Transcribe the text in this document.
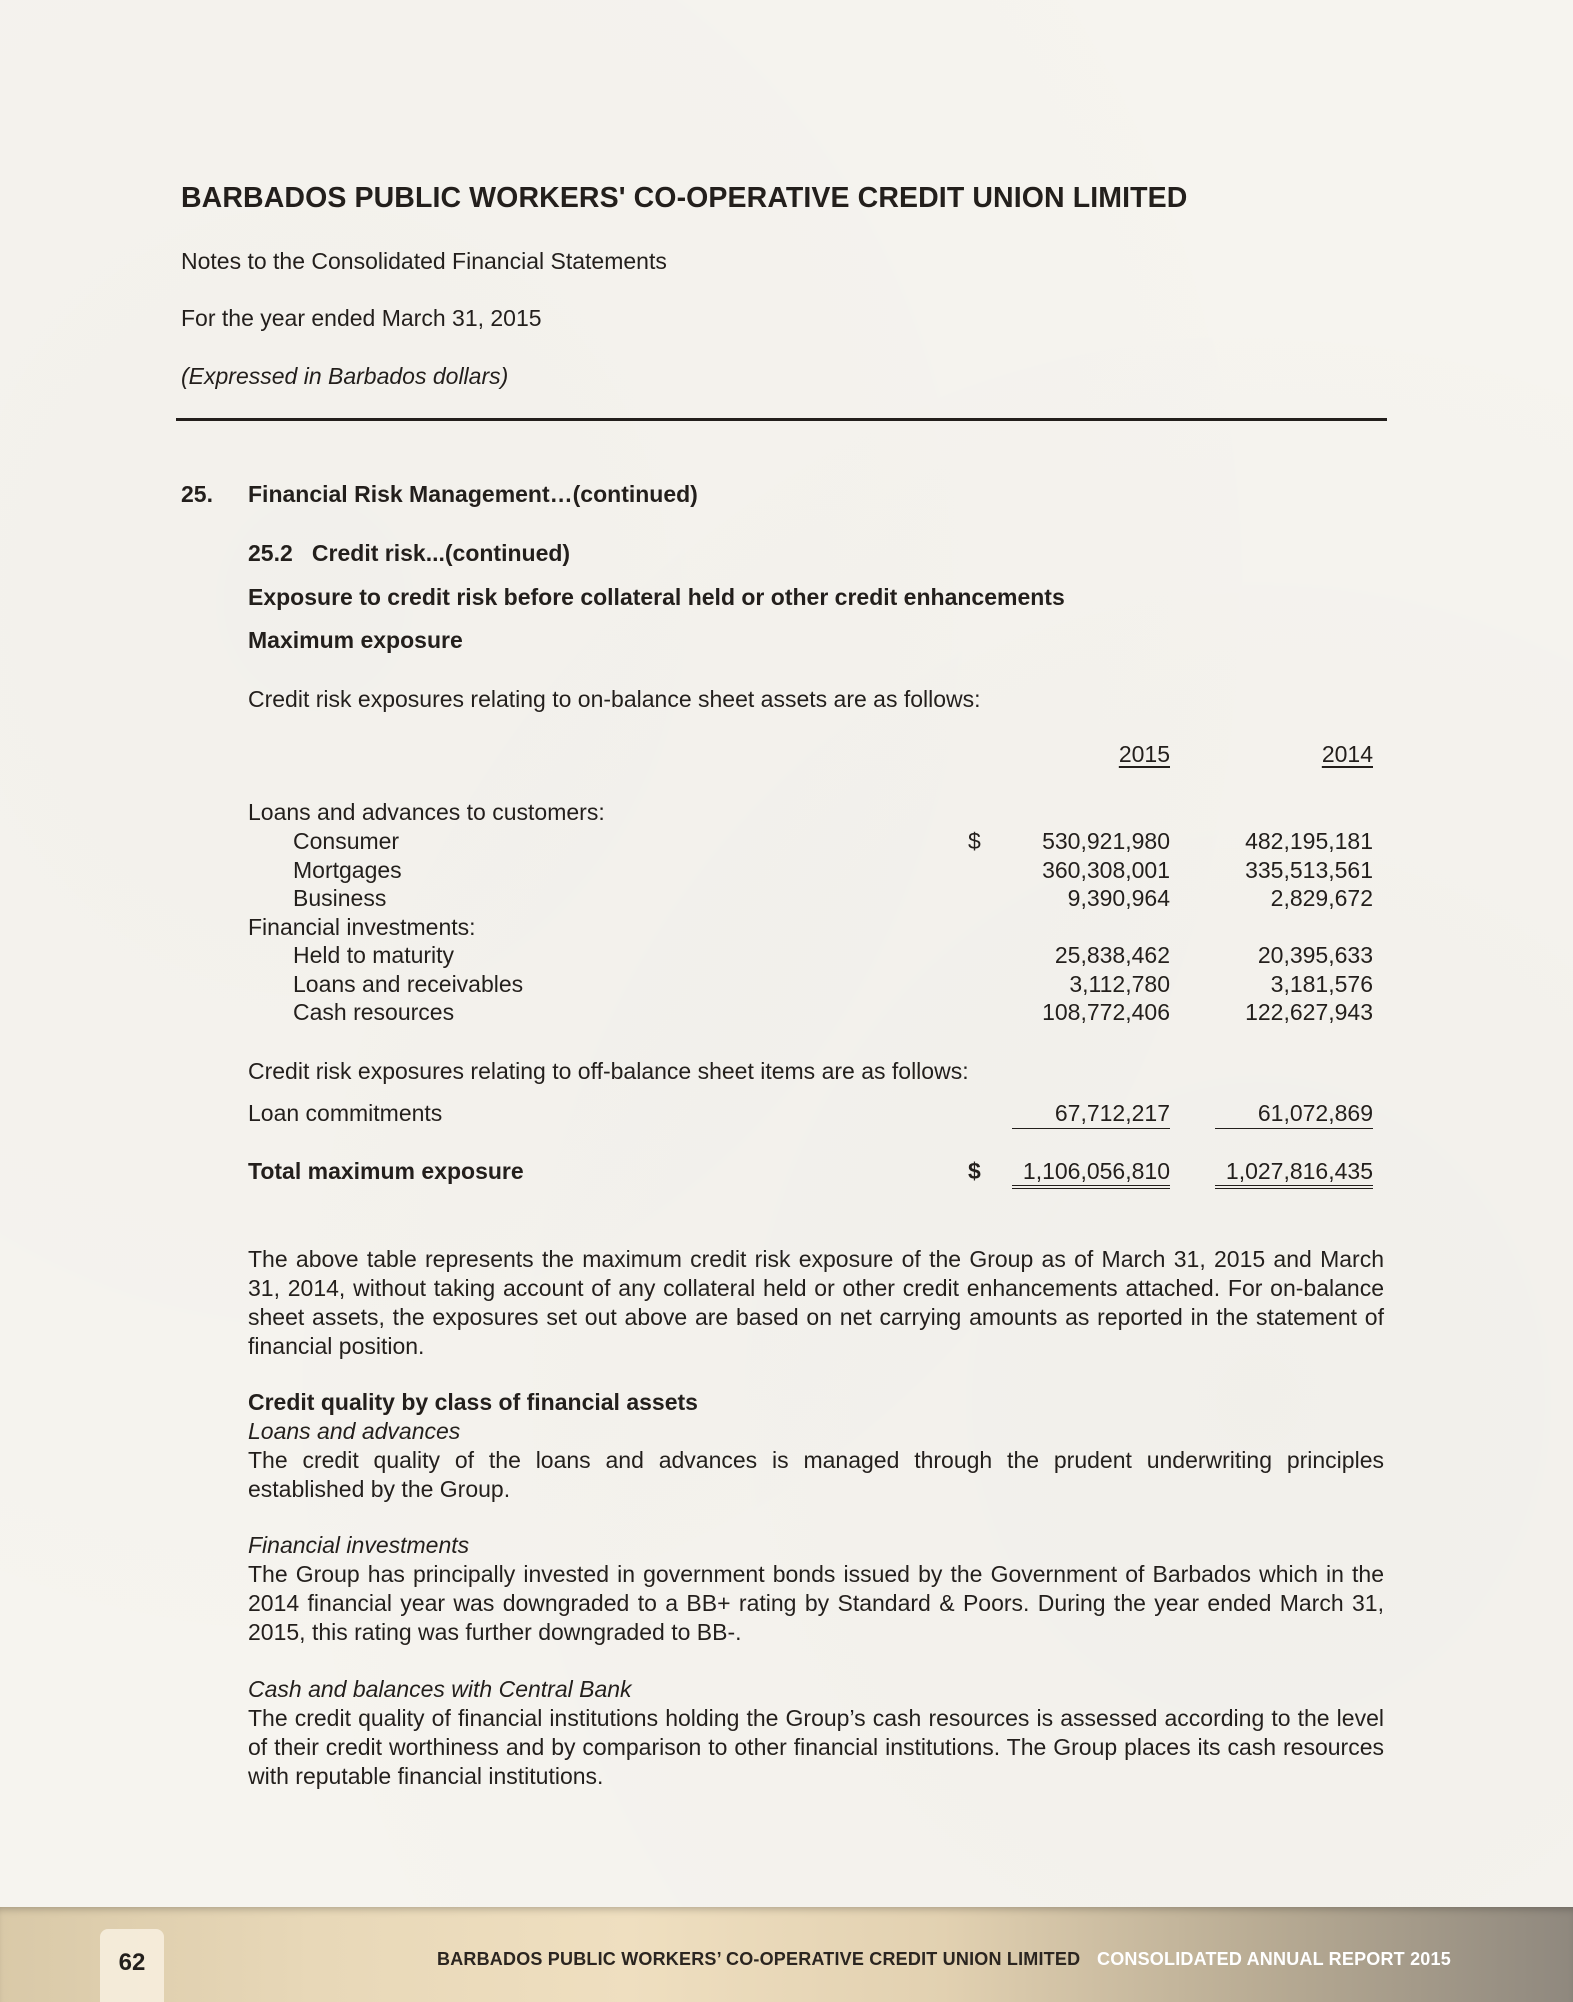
BARBADOS PUBLIC WORKERS' CO-OPERATIVE CREDIT UNION LIMITED
Notes to the Consolidated Financial Statements
For the year ended March 31, 2015
(Expressed in Barbados dollars)
25. Financial Risk Management…(continued)
25.2   Credit risk...(continued)
Exposure to credit risk before collateral held or other credit enhancements
Maximum exposure
Credit risk exposures relating to on-balance sheet assets are as follows:
2015	2014
Loans and advances to customers:
Consumer	$	530,921,980	482,195,181
Mortgages	360,308,001	335,513,561
Business	9,390,964	2,829,672
Financial investments:
Held to maturity	25,838,462	20,395,633
Loans and receivables	3,112,780	3,181,576
Cash resources	108,772,406	122,627,943
Credit risk exposures relating to off-balance sheet items are as follows:
Loan commitments	67,712,217	61,072,869
Total maximum exposure	$	1,106,056,810	1,027,816,435
The above table represents the maximum credit risk exposure of the Group as of March 31, 2015 and March 31, 2014, without taking account of any collateral held or other credit enhancements attached. For on-balance sheet assets, the exposures set out above are based on net carrying amounts as reported in the statement of financial position.
Credit quality by class of financial assets
Loans and advances
The credit quality of the loans and advances is managed through the prudent underwriting principles established by the Group.
Financial investments
The Group has principally invested in government bonds issued by the Government of Barbados which in the 2014 financial year was downgraded to a BB+ rating by Standard & Poors. During the year ended March 31, 2015, this rating was further downgraded to BB-.
Cash and balances with Central Bank
The credit quality of financial institutions holding the Group’s cash resources is assessed according to the level of their credit worthiness and by comparison to other financial institutions. The Group places its cash resources with reputable financial institutions.
62	BARBADOS PUBLIC WORKERS’ CO-OPERATIVE CREDIT UNION LIMITED CONSOLIDATED ANNUAL REPORT 2015
